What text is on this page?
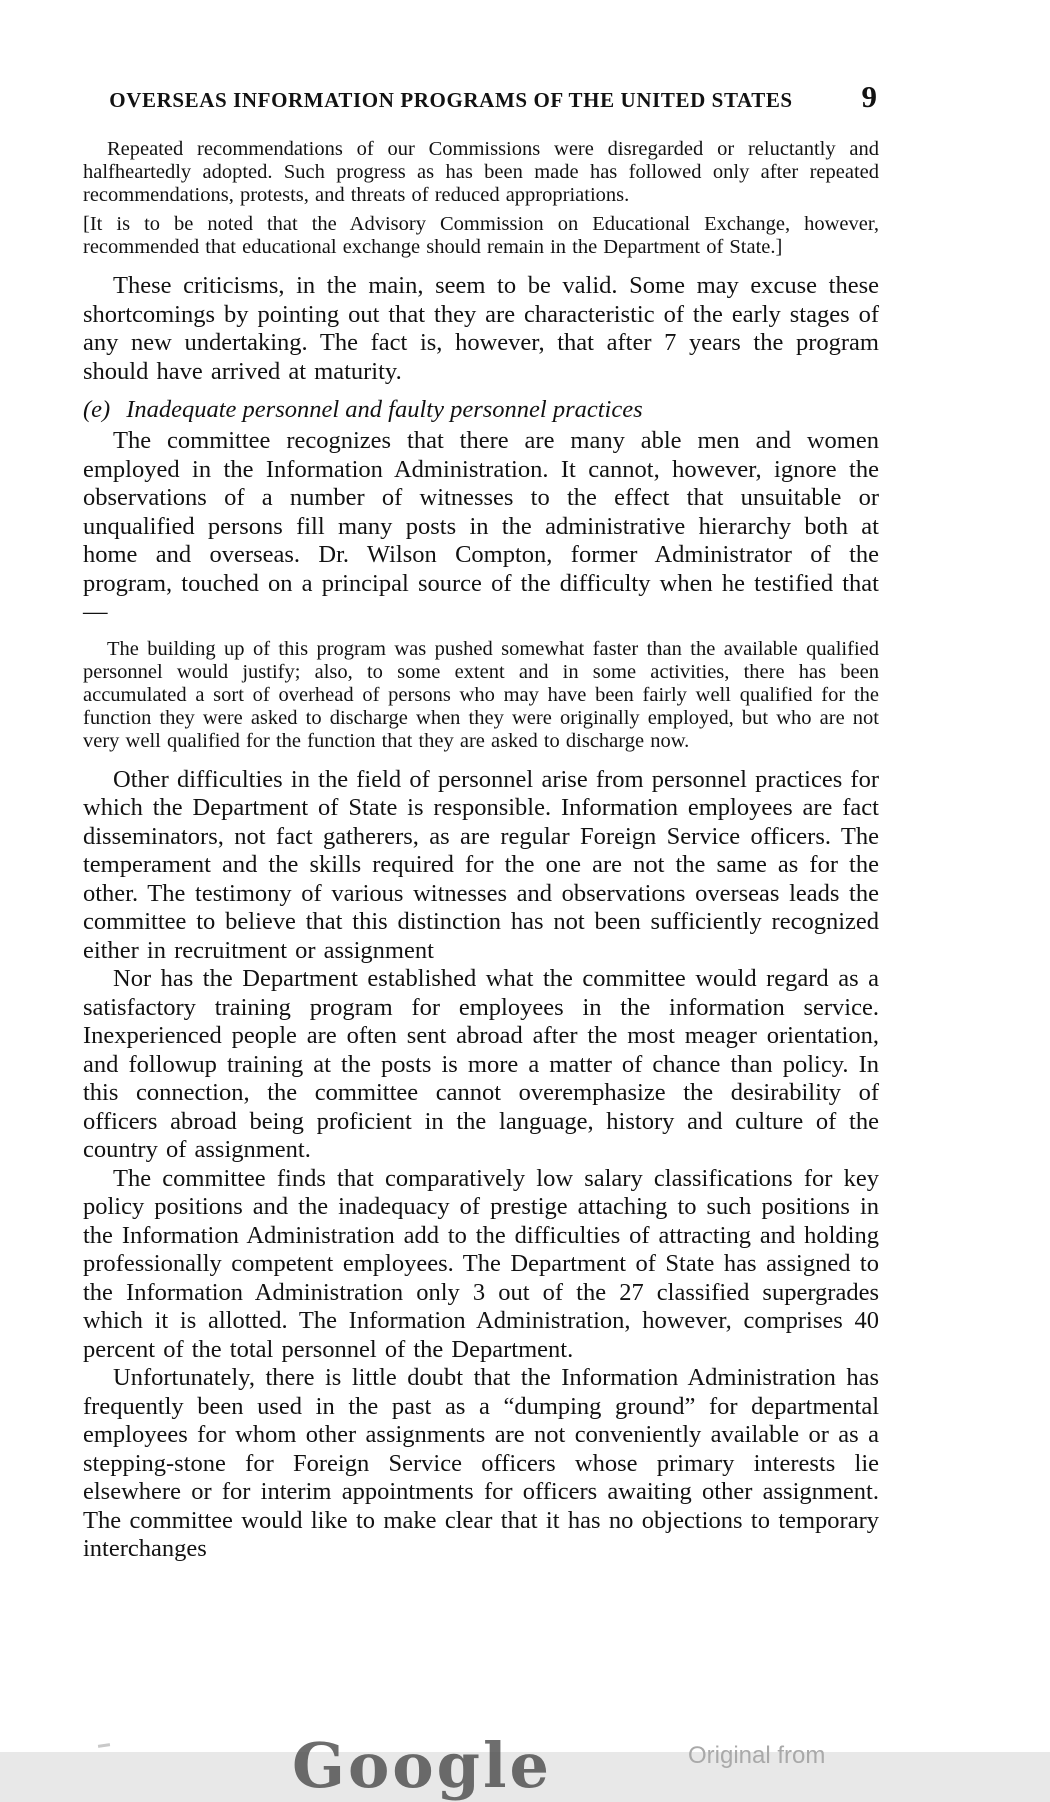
OVERSEAS INFORMATION PROGRAMS OF THE UNITED STATES	9

Repeated recommendations of our Commissions were disregarded or reluctantly and halfheartedly adopted. Such progress as has been made has followed only after repeated recommendations, protests, and threats of reduced appropriations.

[It is to be noted that the Advisory Commission on Educational Exchange, however, recommended that educational exchange should remain in the Department of State.]

These criticisms, in the main, seem to be valid. Some may excuse these shortcomings by pointing out that they are characteristic of the early stages of any new undertaking. The fact is, however, that after 7 years the program should have arrived at maturity.

(e) Inadequate personnel and faulty personnel practices

The committee recognizes that there are many able men and women employed in the Information Administration. It cannot, however, ignore the observations of a number of witnesses to the effect that unsuitable or unqualified persons fill many posts in the administrative hierarchy both at home and overseas. Dr. Wilson Compton, former Administrator of the program, touched on a principal source of the difficulty when he testified that—

The building up of this program was pushed somewhat faster than the available qualified personnel would justify; also, to some extent and in some activities, there has been accumulated a sort of overhead of persons who may have been fairly well qualified for the function they were asked to discharge when they were originally employed, but who are not very well qualified for the function that they are asked to discharge now.

Other difficulties in the field of personnel arise from personnel practices for which the Department of State is responsible. Information employees are fact disseminators, not fact gatherers, as are regular Foreign Service officers. The temperament and the skills required for the one are not the same as for the other. The testimony of various witnesses and observations overseas leads the committee to believe that this distinction has not been sufficiently recognized either in recruitment or assignment

Nor has the Department established what the committee would regard as a satisfactory training program for employees in the information service. Inexperienced people are often sent abroad after the most meager orientation, and followup training at the posts is more a matter of chance than policy. In this connection, the committee cannot overemphasize the desirability of officers abroad being proficient in the language, history and culture of the country of assignment.

The committee finds that comparatively low salary classifications for key policy positions and the inadequacy of prestige attaching to such positions in the Information Administration add to the difficulties of attracting and holding professionally competent employees. The Department of State has assigned to the Information Administration only 3 out of the 27 classified supergrades which it is allotted. The Information Administration, however, comprises 40 percent of the total personnel of the Department.

Unfortunately, there is little doubt that the Information Administration has frequently been used in the past as a “dumping ground” for departmental employees for whom other assignments are not conveniently available or as a stepping-stone for Foreign Service officers whose primary interests lie elsewhere or for interim appointments for officers awaiting other assignment. The committee would like to make clear that it has no objections to temporary interchanges

Google	Original from
